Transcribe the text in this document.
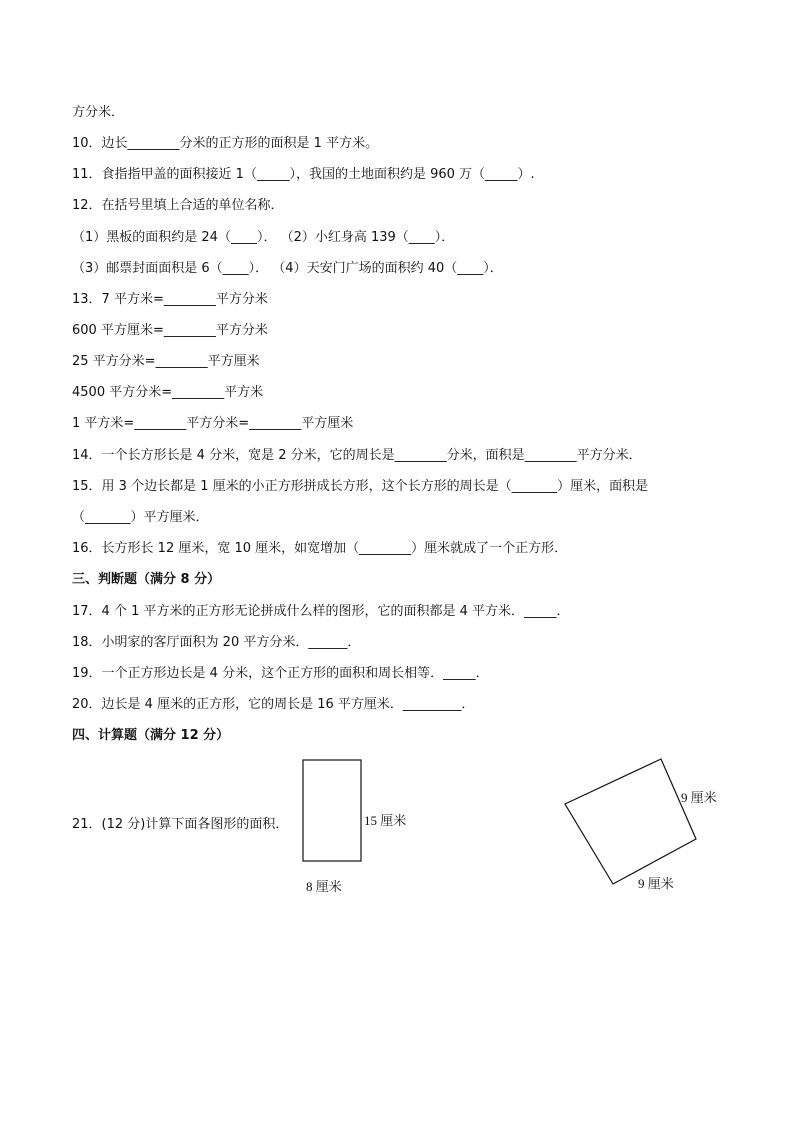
方分米．
10．边长________分米的正方形的面积是 1 平方米。
11．食指指甲盖的面积接近 1（_____），我国的土地面积约是 960 万（_____）.
12．在括号里填上合适的单位名称．
（1）黑板的面积约是 24（____）． （2）小红身高 139（____）．
（3）邮票封面面积是 6（____）． （4）天安门广场的面积约 40（____）．
13．7 平方米=________平方分米
600 平方厘米=________平方分米
25 平方分米=________平方厘米
4500 平方分米=________平方米
1 平方米=________平方分米=________平方厘米
14．一个长方形长是 4 分米，宽是 2 分米，它的周长是________分米，面积是________平方分米．
15．用 3 个边长都是 1 厘米的小正方形拼成长方形，这个长方形的周长是（_______）厘米，面积是
（_______）平方厘米．
16．长方形长 12 厘米，宽 10 厘米，如宽增加（________）厘米就成了一个正方形．
三、判断题（满分 8 分）
17．4 个 1 平方米的正方形无论拼成什么样的图形，它的面积都是 4 平方米．_____．
18．小明家的客厅面积为 20 平方分米．______．
19．一个正方形边长是 4 分米，这个正方形的面积和周长相等．_____．
20．边长是 4 厘米的正方形，它的周长是 16 平方厘米．_________．
四、计算题（满分 12 分）
21．(12 分)计算下面各图形的面积．	15 厘米
8 厘米
9 厘米
9 厘米
